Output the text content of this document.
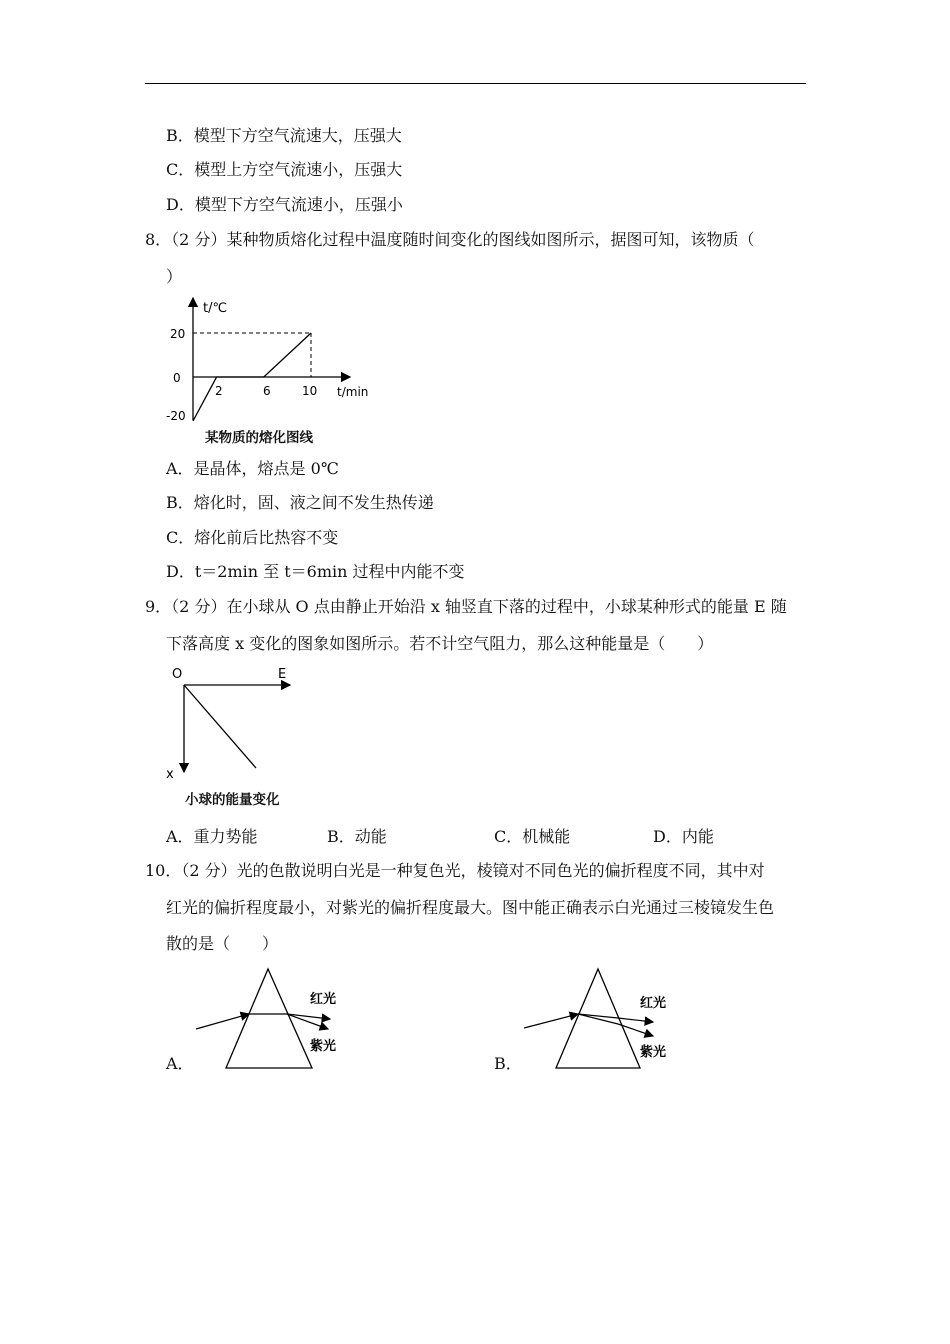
B．模型下方空气流速大，压强大
C．模型上方空气流速小，压强大
D．模型下方空气流速小，压强小
8．（2 分）某种物质熔化过程中温度随时间变化的图线如图所示，据图可知，该物质（
）
t/℃
t/min
20
0
-20
2	6	10
某物质的熔化图线
A．是晶体，熔点是 0℃
B．熔化时，固、液之间不发生热传递
C．熔化前后比热容不变
D．t＝2min 至 t＝6min 过程中内能不变
9．（2 分）在小球从 O 点由静止开始沿 x 轴竖直下落的过程中，小球某种形式的能量 E 随
下落高度 x 变化的图象如图所示。若不计空气阻力，那么这种能量是（　　）
O	E
x
小球的能量变化
A．重力势能	B．动能	C．机械能	D．内能
10．（2 分）光的色散说明白光是一种复色光，棱镜对不同色光的偏折程度不同，其中对
红光的偏折程度最小，对紫光的偏折程度最大。图中能正确表示白光通过三棱镜发生色
散的是（　　）
红光
紫光
A．
红光
紫光
B．
